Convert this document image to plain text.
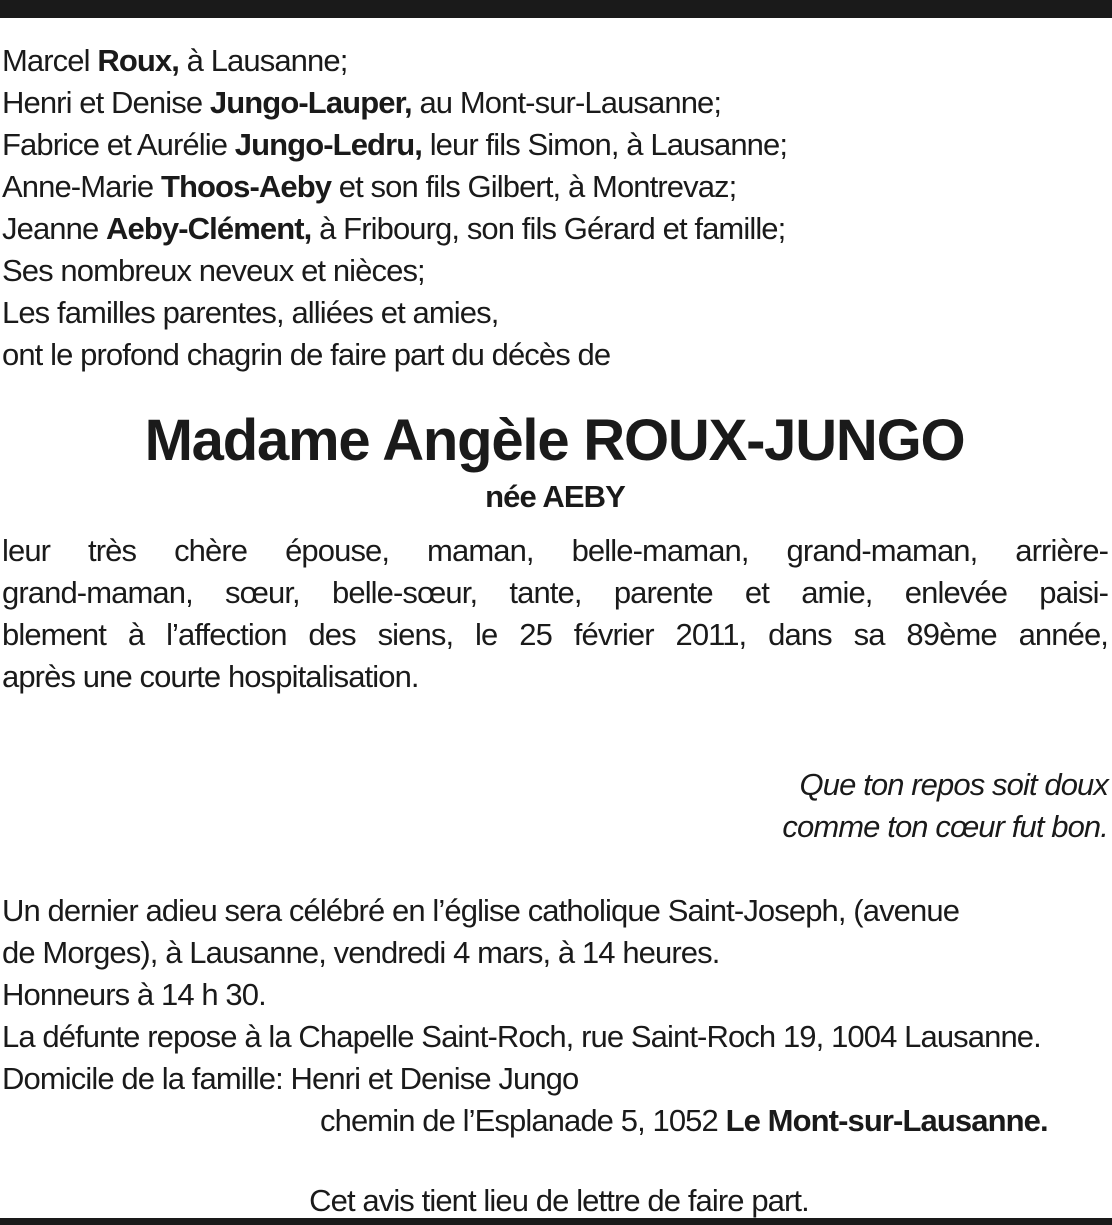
Marcel Roux, à Lausanne;
Henri et Denise Jungo-Lauper, au Mont-sur-Lausanne;
Fabrice et Aurélie Jungo-Ledru, leur fils Simon, à Lausanne;
Anne-Marie Thoos-Aeby et son fils Gilbert, à Montrevaz;
Jeanne Aeby-Clément, à Fribourg, son fils Gérard et famille;
Ses nombreux neveux et nièces;
Les familles parentes, alliées et amies,
ont le profond chagrin de faire part du décès de
Madame Angèle ROUX-JUNGO
née AEBY
leur très chère épouse, maman, belle-maman, grand-maman, arrière-
grand-maman, sœur, belle-sœur, tante, parente et amie, enlevée paisi-
blement à l’affection des siens, le 25 février 2011, dans sa 89ème année,
après une courte hospitalisation.
Que ton repos soit doux
comme ton cœur fut bon.
Un dernier adieu sera célébré en l’église catholique Saint-Joseph, (avenue
de Morges), à Lausanne, vendredi 4 mars, à 14 heures.
Honneurs à 14 h 30.
La défunte repose à la Chapelle Saint-Roch, rue Saint-Roch 19, 1004 Lausanne.
Domicile de la famille: Henri et Denise Jungo
chemin de l’Esplanade 5, 1052 Le Mont-sur-Lausanne.
Cet avis tient lieu de lettre de faire part.
